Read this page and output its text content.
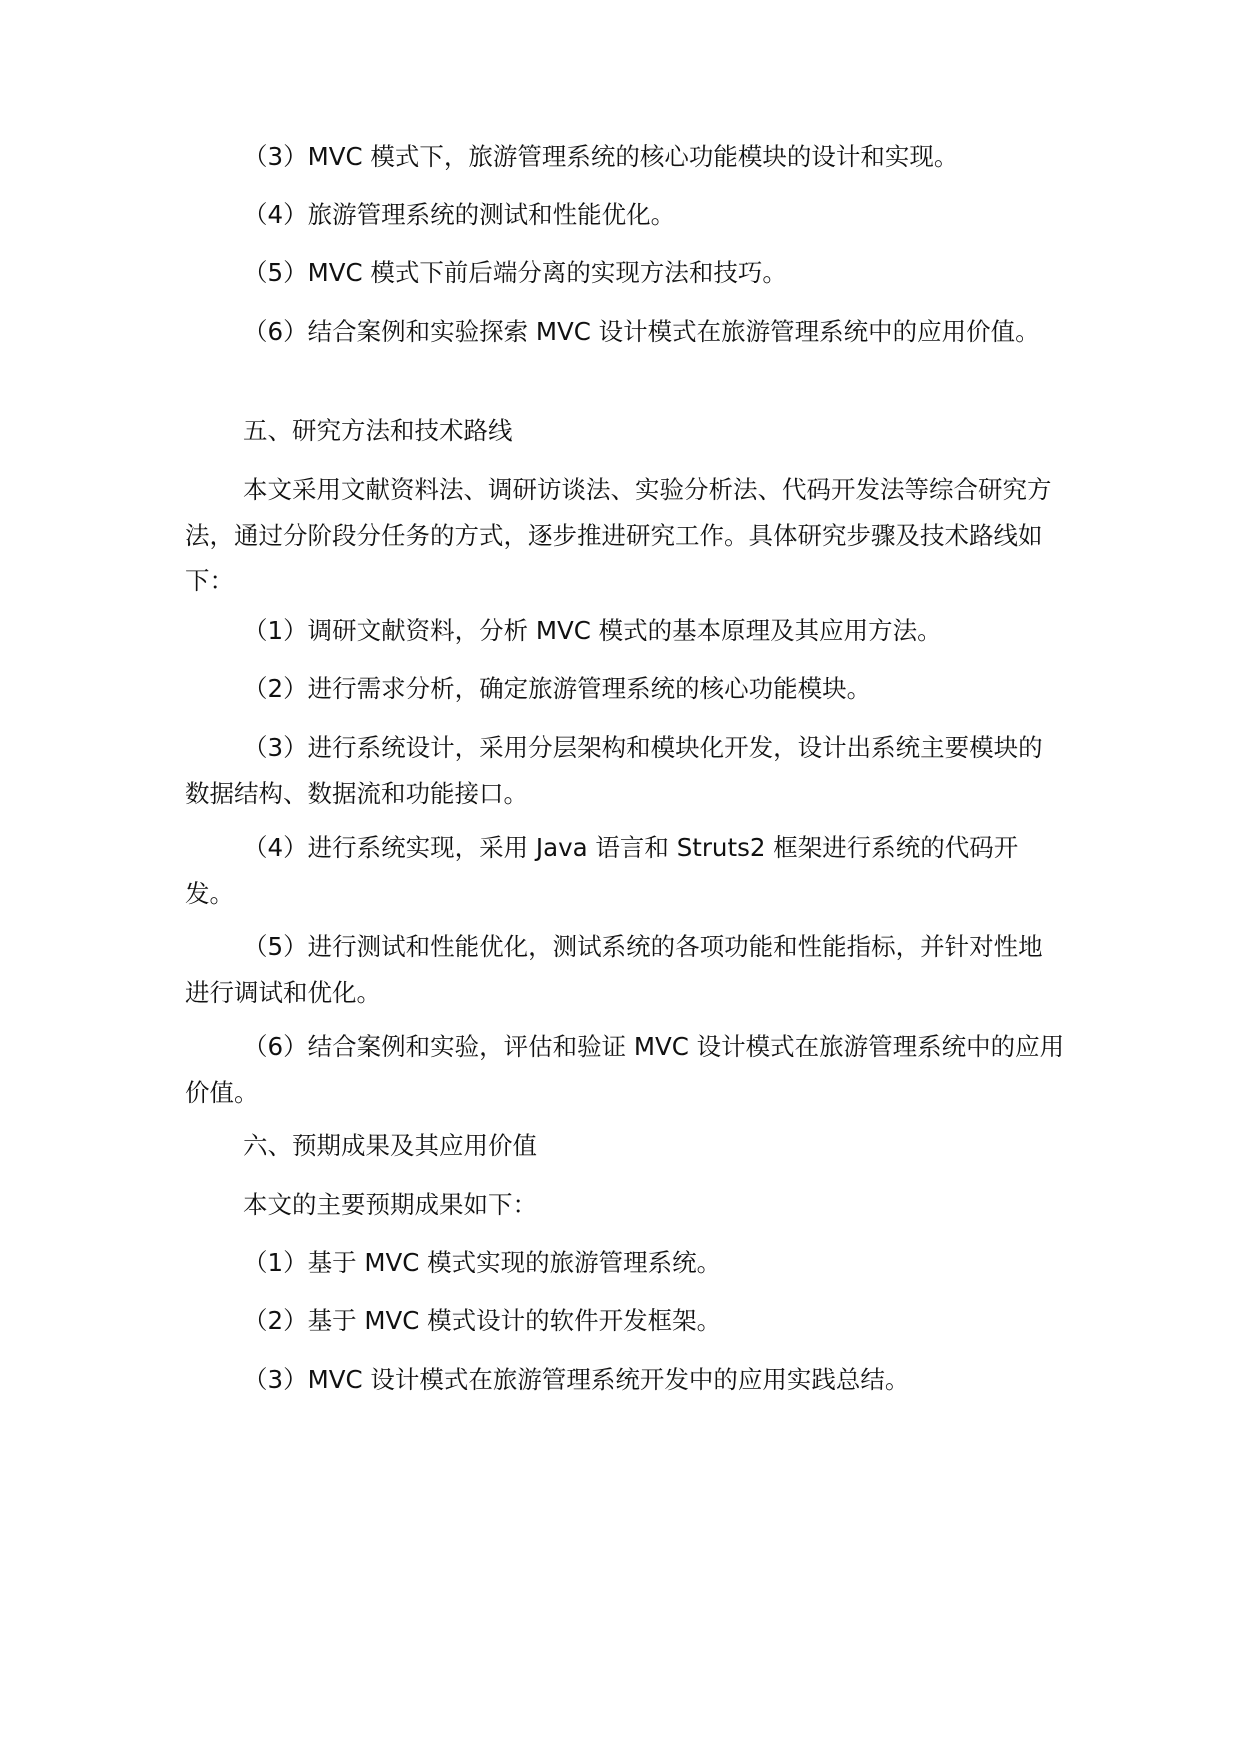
（3）MVC 模式下，旅游管理系统的核心功能模块的设计和实现。

（4）旅游管理系统的测试和性能优化。

（5）MVC 模式下前后端分离的实现方法和技巧。

（6）结合案例和实验探索 MVC 设计模式在旅游管理系统中的应用价值。

五、研究方法和技术路线

本文采用文献资料法、调研访谈法、实验分析法、代码开发法等综合研究方法，通过分阶段分任务的方式，逐步推进研究工作。具体研究步骤及技术路线如下：

（1）调研文献资料，分析 MVC 模式的基本原理及其应用方法。

（2）进行需求分析，确定旅游管理系统的核心功能模块。

（3）进行系统设计，采用分层架构和模块化开发，设计出系统主要模块的数据结构、数据流和功能接口。

（4）进行系统实现，采用 Java 语言和 Struts2 框架进行系统的代码开发。

（5）进行测试和性能优化，测试系统的各项功能和性能指标，并针对性地进行调试和优化。

（6）结合案例和实验，评估和验证 MVC 设计模式在旅游管理系统中的应用价值。

六、预期成果及其应用价值

本文的主要预期成果如下：

（1）基于 MVC 模式实现的旅游管理系统。

（2）基于 MVC 模式设计的软件开发框架。

（3）MVC 设计模式在旅游管理系统开发中的应用实践总结。
